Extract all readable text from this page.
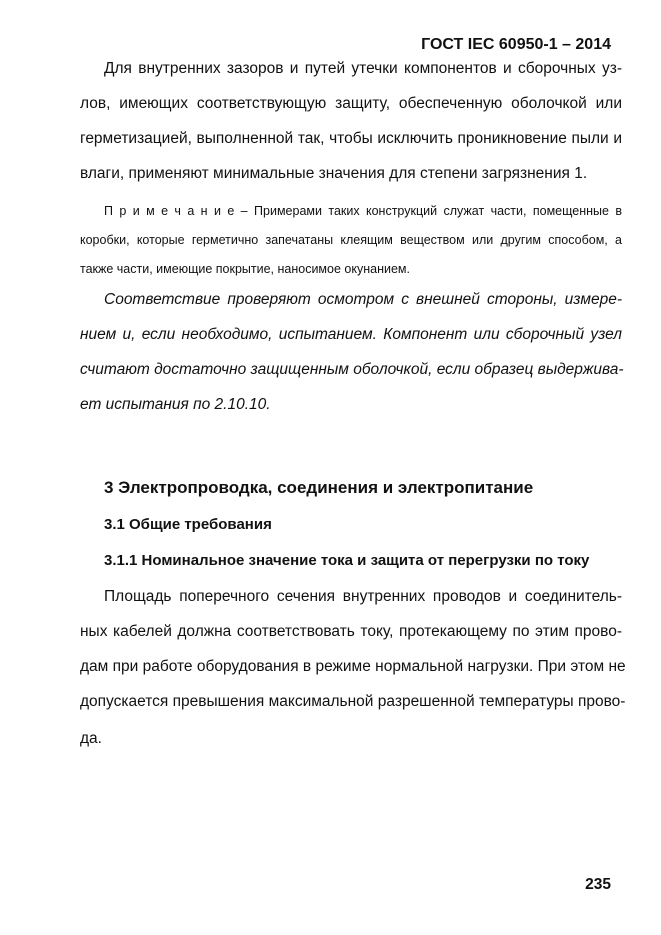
ГОСТ IEC 60950-1 – 2014
Для внутренних зазоров и путей утечки компонентов и сборочных уз-
лов, имеющих соответствующую защиту, обеспеченную оболочкой или
герметизацией, выполненной так, чтобы исключить проникновение пыли и
влаги, применяют минимальные значения для степени загрязнения 1.
П р и м е ч а н и е – Примерами таких конструкций служат части, помещенные в
коробки, которые герметично запечатаны клеящим веществом или другим способом, а
также части, имеющие покрытие, наносимое окунанием.
Соответствие проверяют осмотром с внешней стороны, измере-
нием и, если необходимо, испытанием. Компонент или сборочный узел
считают достаточно защищенным оболочкой, если образец выдержива-
ет испытания по 2.10.10.
3 Электропроводка, соединения и электропитание
3.1 Общие требования
3.1.1 Номинальное значение тока и защита от перегрузки по току
Площадь поперечного сечения внутренних проводов и соединитель-
ных кабелей должна соответствовать току, протекающему по этим прово-
дам при работе оборудования в режиме нормальной нагрузки. При этом не
допускается превышения максимальной разрешенной температуры прово-
да.
235
